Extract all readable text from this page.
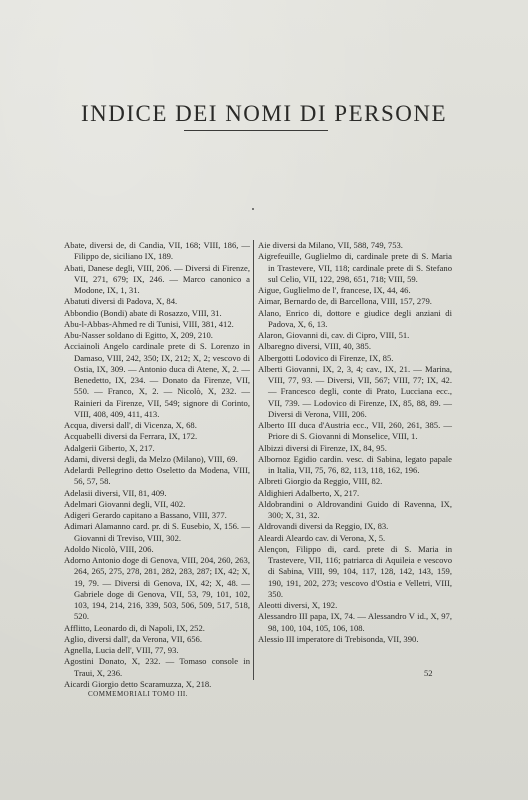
INDICE DEI NOMI DI PERSONE
Abate, diversi de, di Candia, VII, 168; VIII, 186, — Filippo de, siciliano IX, 189.
Abati, Danese degli, VIII, 206. — Diversi di Firenze, VII, 271, 679; IX, 246. — Marco canonico a Modone, IX, 1, 31.
Abatuti diversi di Padova, X, 84.
Abbondio (Bondi) abate di Rosazzo, VIII, 31.
Abu-l-Abbas-Ahmed re di Tunisi, VIII, 381, 412.
Abu-Nasser soldano di Egitto, X, 209, 210.
Acciainoli Angelo cardinale prete di S. Lorenzo in Damaso, VIII, 242, 350; IX, 212; X, 2; vescovo di Ostia, IX, 309. — Antonio duca di Atene, X, 2. — Benedetto, IX, 234. — Donato da Firenze, VII, 550. — Franco, X, 2. — Nicolò, X, 232. — Rainieri da Firenze, VII, 549; signore di Corinto, VIII, 408, 409, 411, 413.
Acqua, diversi dall', di Vicenza, X, 68.
Acquabelli diversi da Ferrara, IX, 172.
Adalgerii Giberto, X, 217.
Adami, diversi degli, da Melzo (Milano), VIII, 69.
Adelardi Pellegrino detto Oseletto da Modena, VIII, 56, 57, 58.
Adelasii diversi, VII, 81, 409.
Adelmari Giovanni degli, VII, 402.
Adigeri Gerardo capitano a Bassano, VIII, 377.
Adimari Alamanno card. pr. di S. Eusebio, X, 156. — Giovanni di Treviso, VIII, 302.
Adoldo Nicolò, VIII, 206.
Adorno Antonio doge di Genova, VIII, 204, 260, 263, 264, 265, 275, 278, 281, 282, 283, 287; IX, 42; X, 19, 79. — Diversi di Genova, IX, 42; X, 48. — Gabriele doge di Genova, VII, 53, 79, 101, 102, 103, 194, 214, 216, 339, 503, 506, 509, 517, 518, 520.
Afflitto, Leonardo di, di Napoli, IX, 252.
Aglio, diversi dall', da Verona, VII, 656.
Agnella, Lucia dell', VIII, 77, 93.
Agostini Donato, X, 232. — Tomaso console in Traui, X, 236.
Aicardi Giorgio detto Scaramuzza, X, 218.
Aie diversi da Milano, VII, 588, 749, 753.
Aigrefeuille, Guglielmo di, cardinale prete di S. Maria in Trastevere, VII, 118; cardinale prete di S. Stefano sul Celio, VII, 122, 298, 651, 718; VIII, 59.
Aigue, Guglielmo de l', francese, IX, 44, 46.
Aimar, Bernardo de, di Barcellona, VIII, 157, 279.
Alano, Enrico di, dottore e giudice degli anziani di Padova, X, 6, 13.
Alaron, Giovanni di, cav. di Cipro, VIII, 51.
Albaregno diversi, VIII, 40, 385.
Albergotti Lodovico di Firenze, IX, 85.
Alberti Giovanni, IX, 2, 3, 4; cav., IX, 21. — Marina, VIII, 77, 93. — Diversi, VII, 567; VIII, 77; IX, 42. — Francesco degli, conte di Prato, Lucciana ecc., VII, 739. — Lodovico di Firenze, IX, 85, 88, 89. — Diversi di Verona, VIII, 206.
Alberto III duca d'Austria ecc., VII, 260, 261, 385. — Priore di S. Giovanni di Monselice, VIII, 1.
Albizzi diversi di Firenze, IX, 84, 95.
Albornoz Egidio cardin. vesc. di Sabina, legato papale in Italia, VII, 75, 76, 82, 113, 118, 162, 196.
Albreti Giorgio da Reggio, VIII, 82.
Aldighieri Adalberto, X, 217.
Aldobrandini o Aldrovandini Guido di Ravenna, IX, 300; X, 31, 32.
Aldrovandi diversi da Reggio, IX, 83.
Aleardi Aleardo cav. di Verona, X, 5.
Alençon, Filippo di, card. prete di S. Maria in Trastevere, VII, 116; patriarca di Aquileia e vescovo di Sabina, VIII, 99, 104, 117, 128, 142, 143, 159, 190, 191, 202, 273; vescovo d'Ostia e Velletri, VIII, 350.
Aleotti diversi, X, 192.
Alessandro III papa, IX, 74. — Alessandro V id., X, 97, 98, 100, 104, 105, 106, 108.
Alessio III imperatore di Trebisonda, VII, 390.
COMMEMORIALI TOMO III.
52
